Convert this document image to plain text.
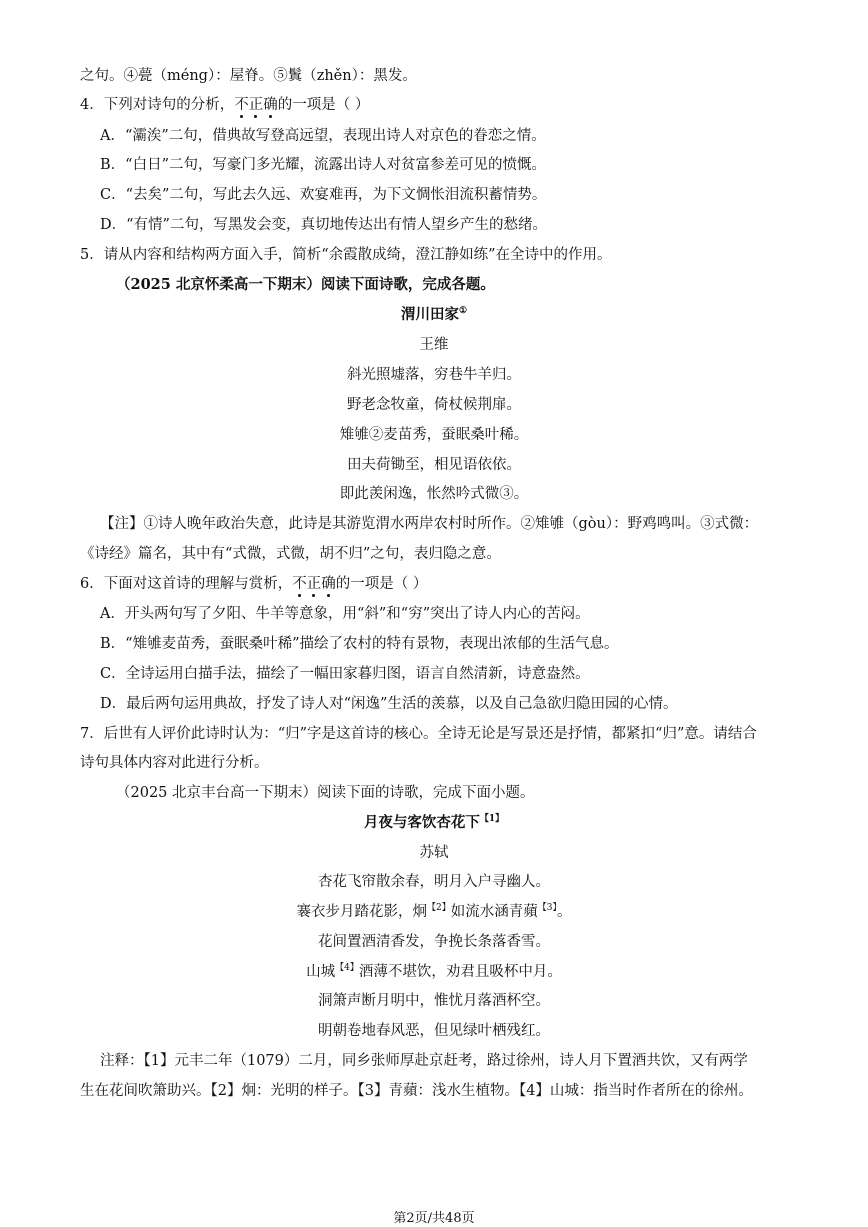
之句。④甍（méng）：屋脊。⑤鬒（zhěn）：黑发。
4．下列对诗句的分析，不正确的一项是（ ）
A．“灞涘”二句，借典故写登高远望，表现出诗人对京色的眷恋之情。
B．“白日”二句，写豪门多光耀，流露出诗人对贫富参差可见的愤慨。
C．“去矣”二句，写此去久远、欢宴难再，为下文惆怅泪流积蓄情势。
D．“有情”二句，写黑发会变，真切地传达出有情人望乡产生的愁绪。
5．请从内容和结构两方面入手，简析“余霞散成绮，澄江静如练”在全诗中的作用。
（2025 北京怀柔高一下期末）阅读下面诗歌，完成各题。
渭川田家①
王维
斜光照墟落，穷巷牛羊归。
野老念牧童，倚杖候荆扉。
雉雊②麦苗秀，蚕眠桑叶稀。
田夫荷锄至，相见语依依。
即此羡闲逸，怅然吟式微③。
【注】①诗人晚年政治失意，此诗是其游览渭水两岸农村时所作。②雉雊（gòu）：野鸡鸣叫。③式微：
《诗经》篇名，其中有“式微，式微，胡不归”之句，表归隐之意。
6．下面对这首诗的理解与赏析，不正确的一项是（ ）
A．开头两句写了夕阳、牛羊等意象，用“斜”和“穷”突出了诗人内心的苦闷。
B．“雉雊麦苗秀，蚕眠桑叶稀”描绘了农村的特有景物，表现出浓郁的生活气息。
C．全诗运用白描手法，描绘了一幅田家暮归图，语言自然清新，诗意盎然。
D．最后两句运用典故，抒发了诗人对“闲逸”生活的羡慕，以及自己急欲归隐田园的心情。
7．后世有人评价此诗时认为：“归”字是这首诗的核心。全诗无论是写景还是抒情，都紧扣“归”意。请结合
诗句具体内容对此进行分析。
（2025 北京丰台高一下期末）阅读下面的诗歌，完成下面小题。
月夜与客饮杏花下$^{【1】}$
苏轼
杏花飞帘散余春，明月入户寻幽人。
褰衣步月踏花影，炯$^{【2】}$如流水涵青蘋$^{【3】}$。
花间置酒清香发，争挽长条落香雪。
山城$^{【4】}$酒薄不堪饮，劝君且吸杯中月。
洞箫声断月明中，惟忧月落酒杯空。
明朝卷地春风恶，但见绿叶栖残红。
注释：【1】元丰二年（1079）二月，同乡张师厚赴京赶考，路过徐州，诗人月下置酒共饮，又有两学
生在花间吹箫助兴。【2】炯：光明的样子。【3】青蘋：浅水生植物。【4】山城：指当时作者所在的徐州。
第2页/共48页
